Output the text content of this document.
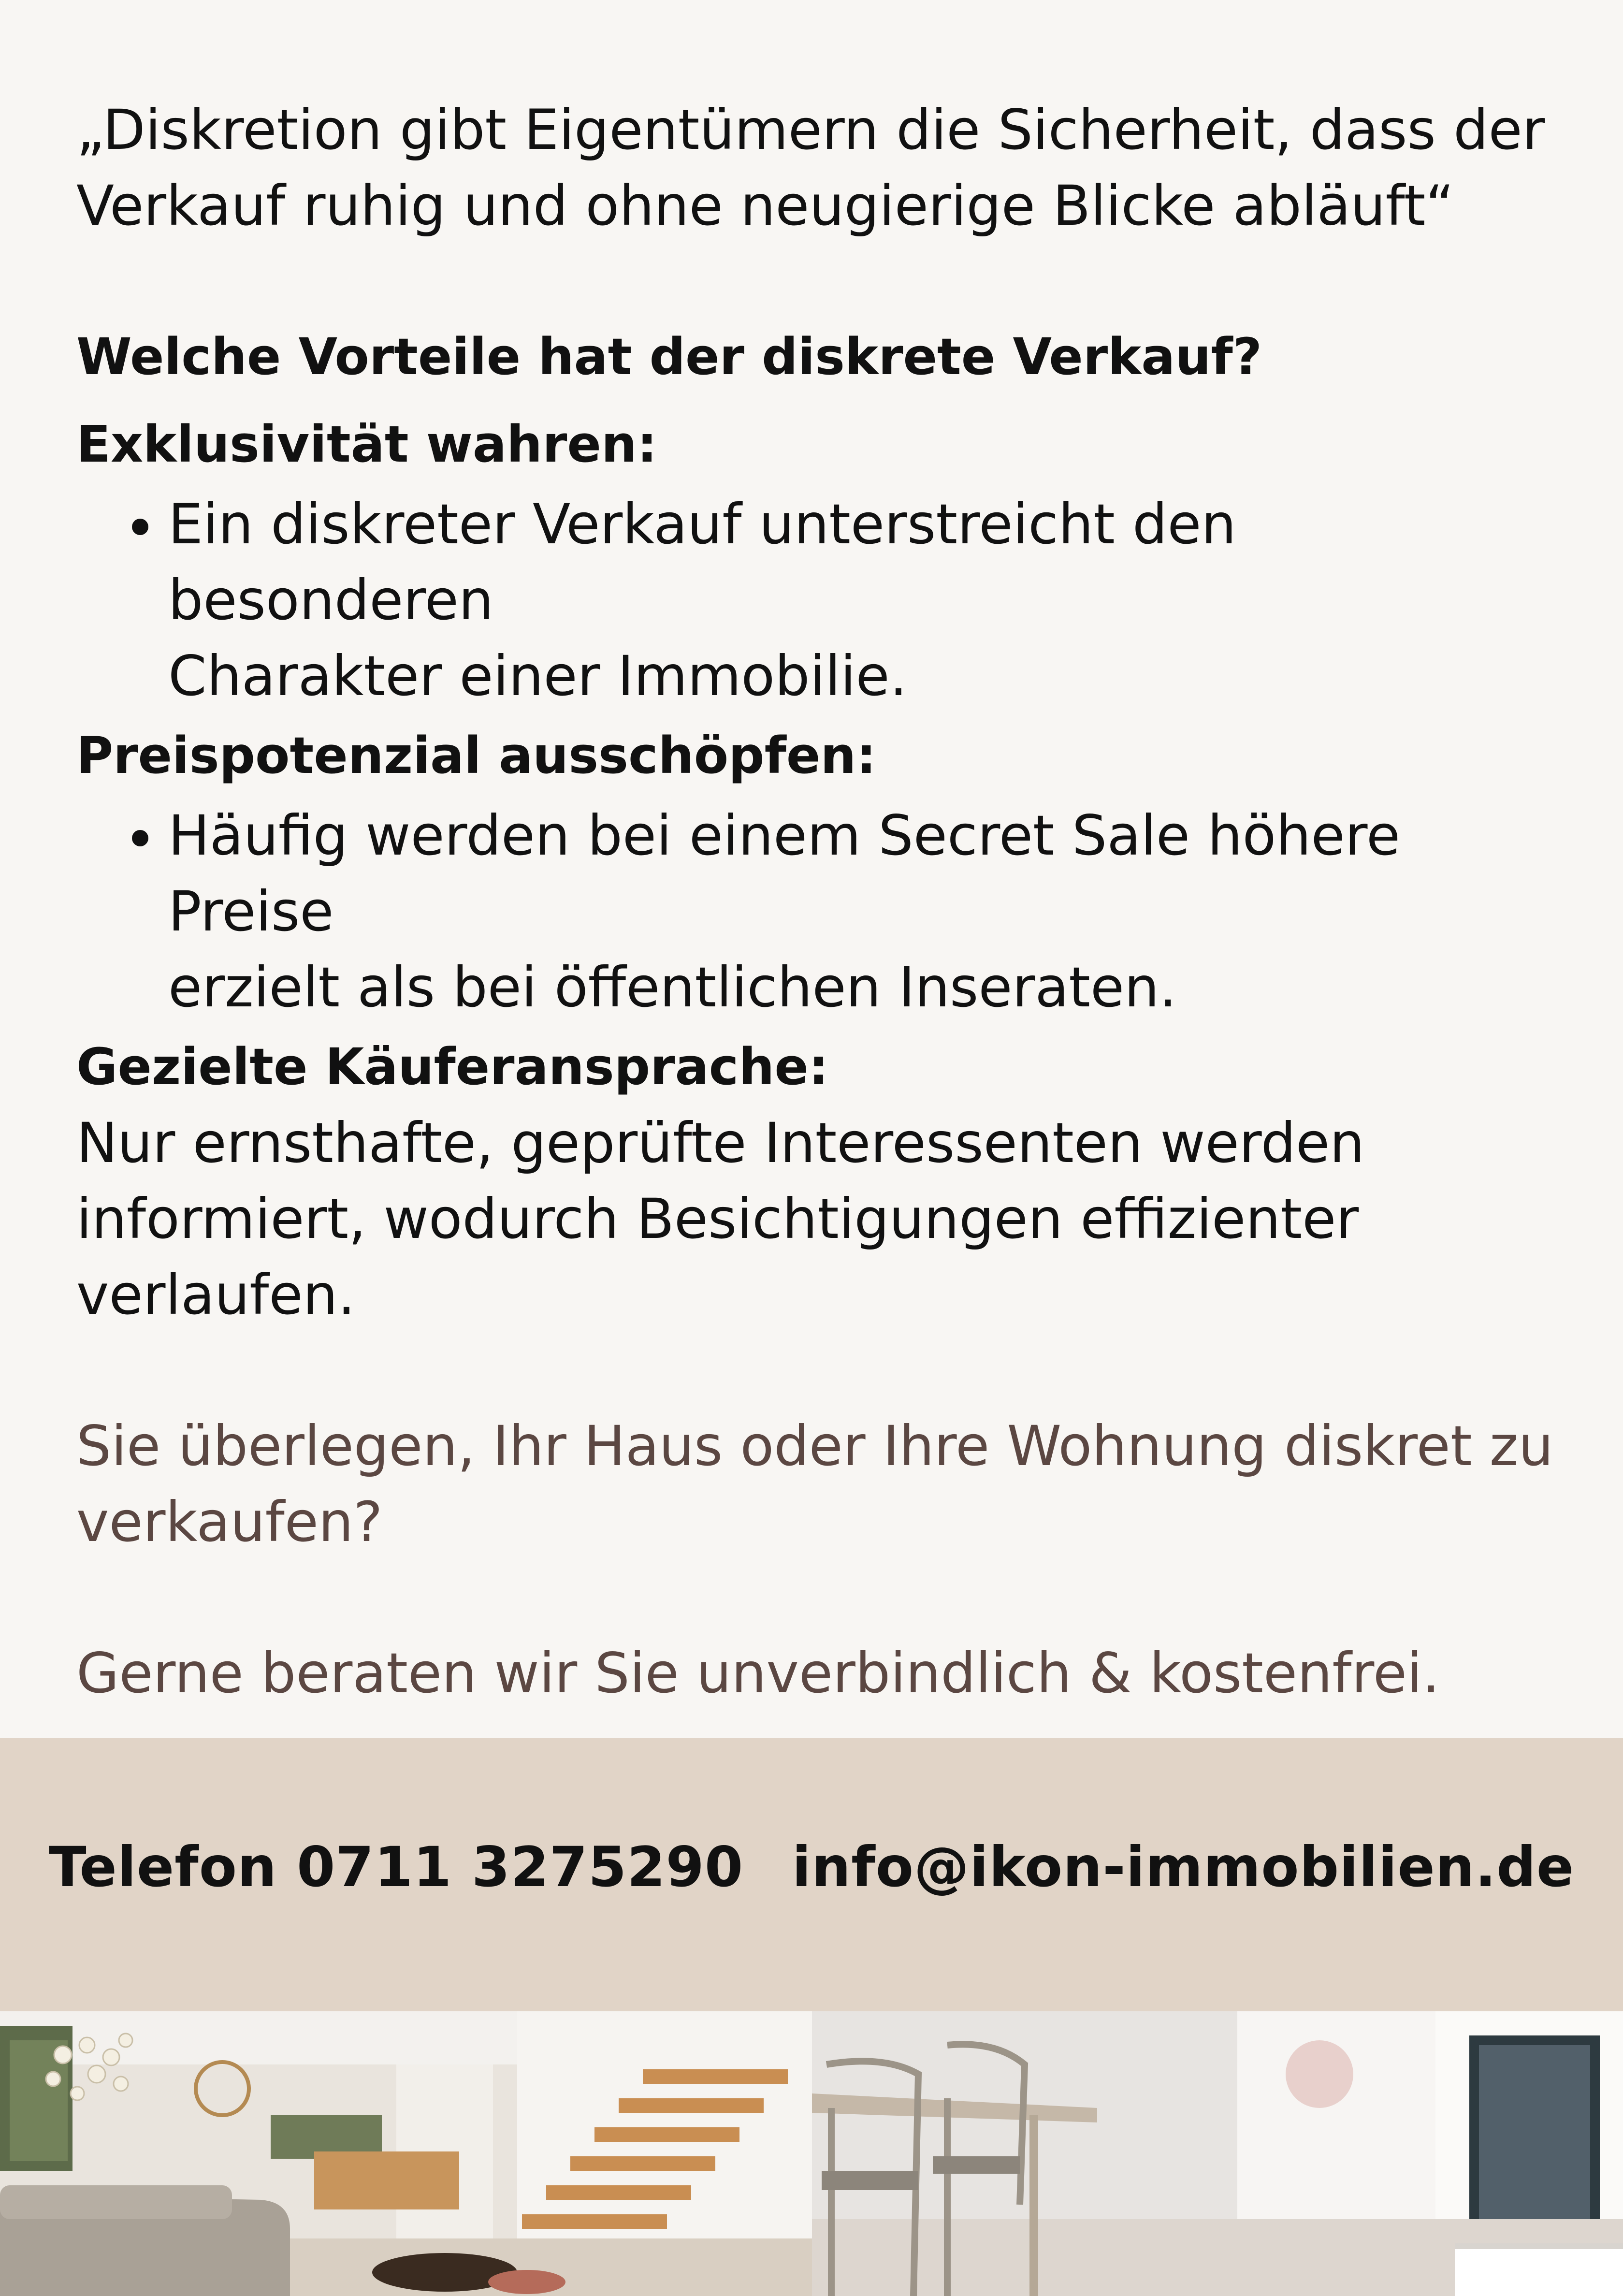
„Diskretion gibt Eigentümern die Sicherheit, dass der
Verkauf ruhig und ohne neugierige Blicke abläuft“

Welche Vorteile hat der diskrete Verkauf?
Exklusivität wahren:
• Ein diskreter Verkauf unterstreicht den besonderen
Charakter einer Immobilie.
Preispotenzial ausschöpfen:
• Häufig werden bei einem Secret Sale höhere Preise
erzielt als bei öffentlichen Inseraten.
Gezielte Käuferansprache:

Nur ernsthafte, geprüfte Interessenten werden
informiert, wodurch Besichtigungen effizienter
verlaufen.

Sie überlegen, Ihr Haus oder Ihre Wohnung diskret zu
verkaufen?

Gerne beraten wir Sie unverbindlich & kostenfrei.

Telefon 0711 3275290 info@ikon-immobilien.de
